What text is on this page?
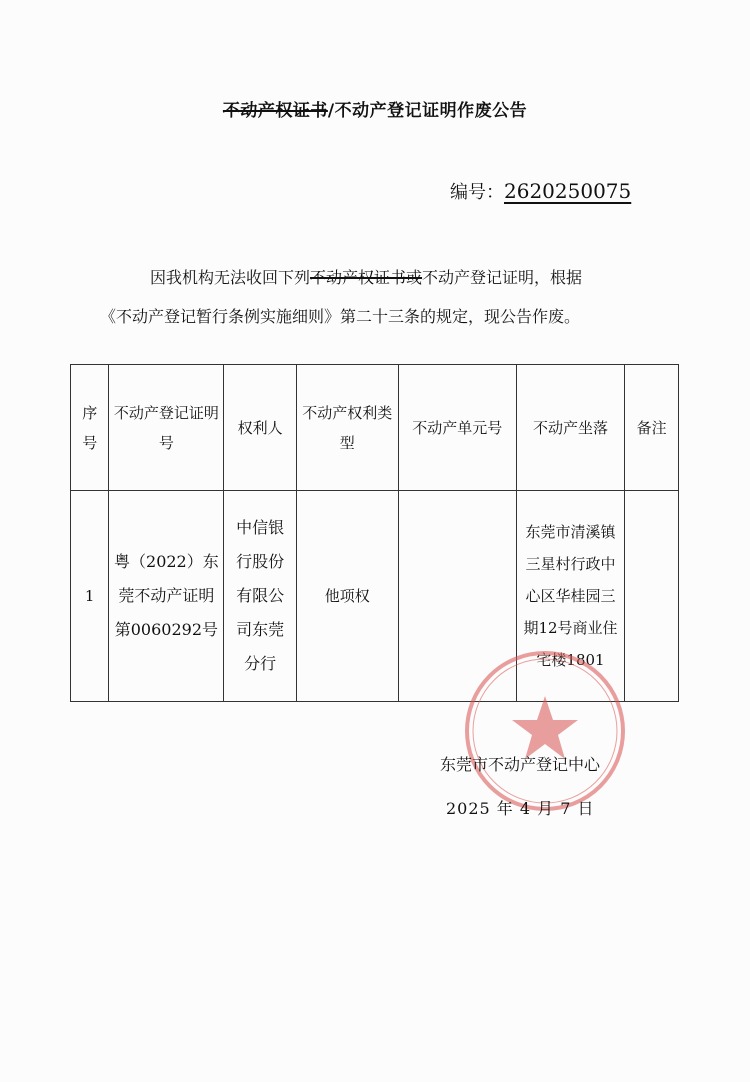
不动产权证书/不动产登记证明作废公告
编号：2620250075

因我机构无法收回下列不动产权证书或不动产登记证明，根据

《不动产登记暂行条例实施细则》第二十三条的规定，现公告作废。

序号	不动产登记证明号	权利人	不动产权利类型	不动产单元号	不动产坐落	备注
1	粤（2022）东莞不动产证明第0060292号	中信银行股份有限公司东莞分行	他项权		东莞市清溪镇三星村行政中心区华桂园三期12号商业住宅楼1801	
东莞市不动产登记中心
2025 年 4 月 7 日
